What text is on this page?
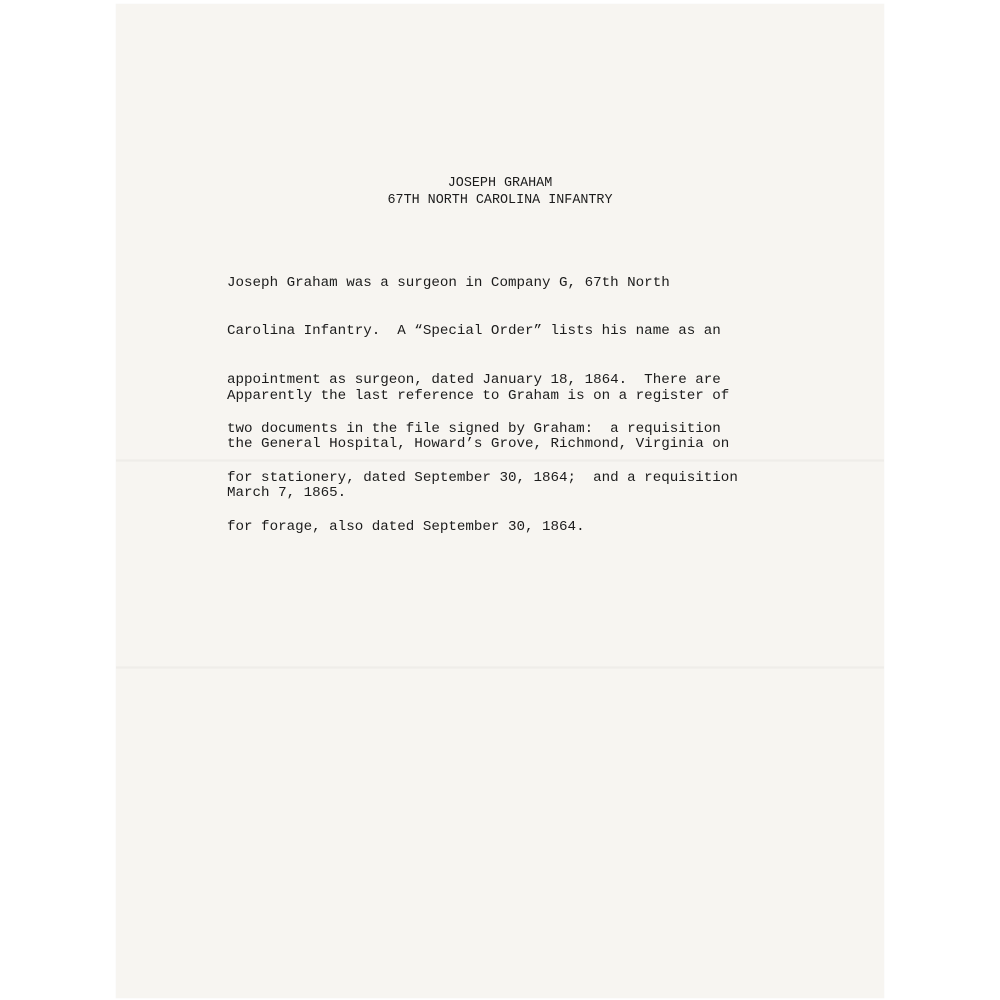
JOSEPH GRAHAM
67TH NORTH CAROLINA INFANTRY

Joseph Graham was a surgeon in Company G, 67th North

Carolina Infantry.  A “Special Order” lists his name as an

appointment as surgeon, dated January 18, 1864.  There are

two documents in the file signed by Graham:  a requisition

for stationery, dated September 30, 1864;  and a requisition

for forage, also dated September 30, 1864.

Apparently the last reference to Graham is on a register of

the General Hospital, Howard’s Grove, Richmond, Virginia on

March 7, 1865.
